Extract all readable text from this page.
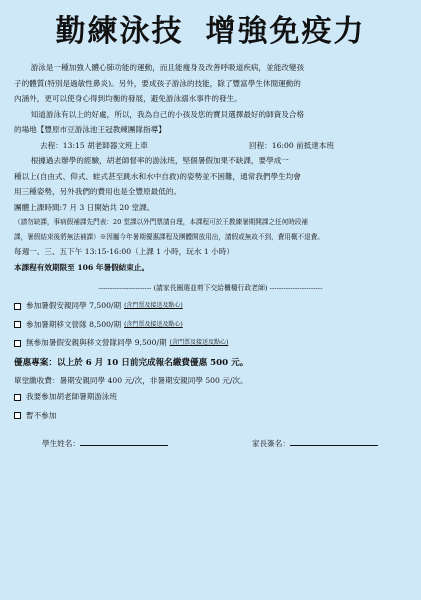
勤練泳技 增強免疫力

游泳是一種加強人體心肺功能的運動，而且能瘦身及改善呼吸道疾病，並能改變孩

子的體質(特別是過敏性鼻炎)。另外，要成孩子游泳的技能，除了豐富學生休閒運動的

內涵外，更可以使身心得到均衡的發展，避免游泳溺水事件的發生。

知道游泳有以上的好處，所以，我為自己的小孩及您的寶貝選擇最好的師資及合格

的場地【豐原市豆游泳池王冠教練團隊指導】

去程：13:15 胡老師器文班上車	回程：16:00 前抵達本班

根據過去辦學的經驗，胡老師督率的游泳班，堅個暑假加果不缺課，要學成一

種以上(自由式、仰式、蛙式甚至跳水和水中自救)的姿勢並不困難，通常我們學生均會

用三種姿勢，另外我們的費用也是全豐原最低的。

團體上課時間:7 月 3 日開始共 20 堂課。

（請勿缺課，事病假補課先門表：20 堂課以外門票請自理，本課程可於王教練暑期開課之任何時段補

課，暑假結束後將無法補課）※因屬今年暑期優惠課程及團體開放用出，請假或無故不到，費用概不退費。

每週一、三、五下午 13:15-16:00（上課 1 小時，玩水 1 小時）

本課程有效期限至 106 年暑假結束止。

----------------------- (請家長圈選並剪下交給櫃檯行政老師) -----------------------
參加暑假安親同學 7,500/期 (含門票及接送及點心)
參加暑期移文營隊 8,500/期 (含門票及接送及點心)
無參加暑假安親與移文營隊同學 9,500/期 (含門票及接送及點心)

優惠專案：以上於 6 月 10 日前完成報名繳費優惠 500 元。

單堂繳收費：暑期安親同學 400 元/次，非暑期安親同學 500 元/次。

我要參加胡老師暑期游泳班
暫不參加
學生姓名：	家長簽名：
